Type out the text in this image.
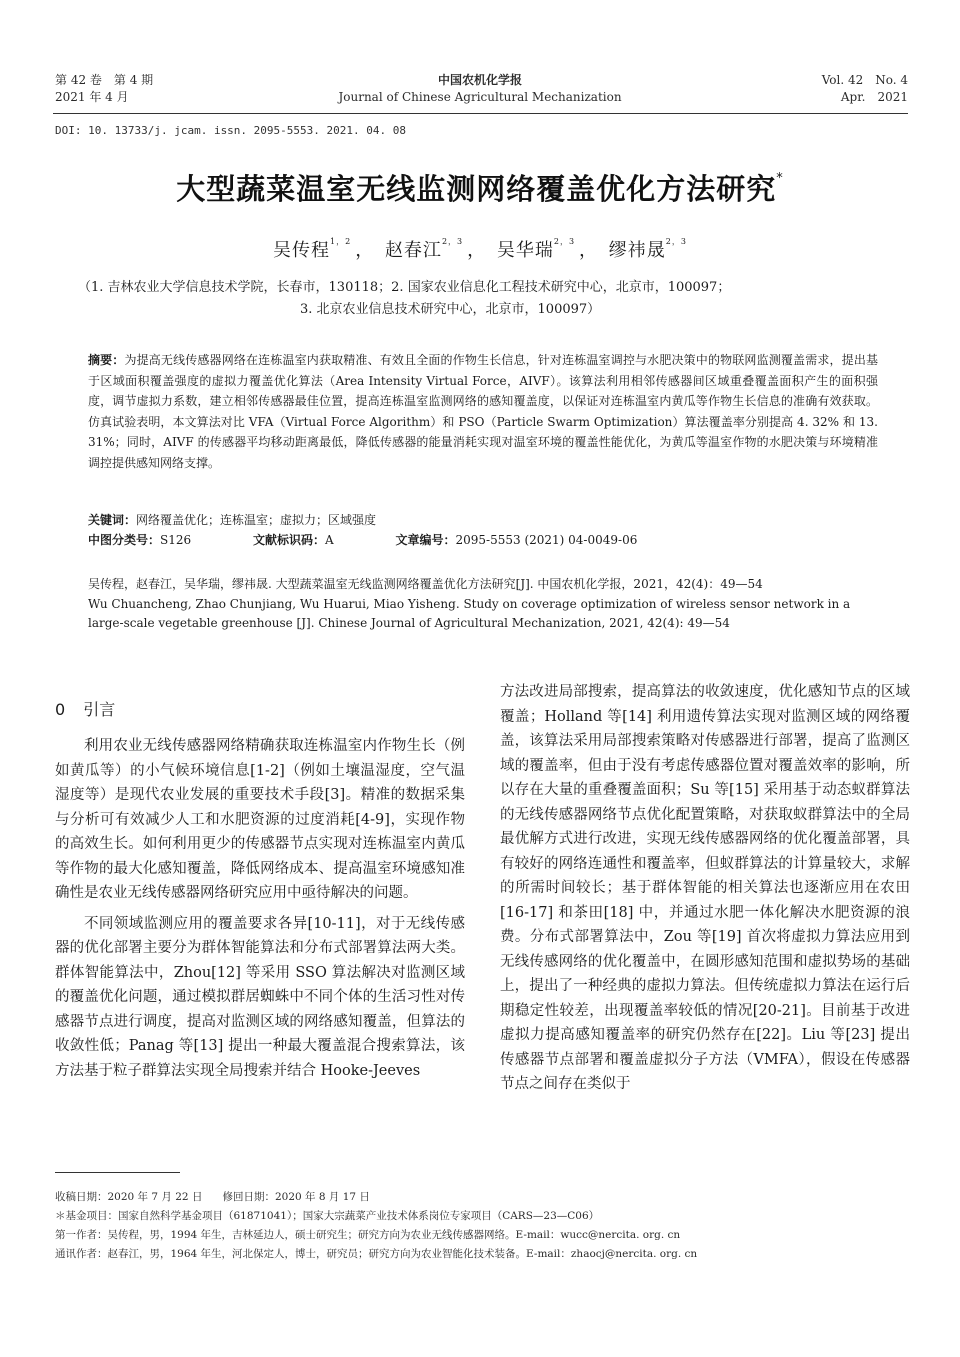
第 42 卷　第 4 期
2021 年 4 月
中国农机化学报
Journal of Chinese Agricultural Mechanization
Vol. 42 No. 4
Apr. 2021
DOI: 10. 13733/j. jcam. issn. 2095-5553. 2021. 04. 08
大型蔬菜温室无线监测网络覆盖优化方法研究*
吴传程$^{1,2}$ ， 赵春江$^{2,3}$ ， 吴华瑞$^{2,3}$ ， 缪祎晟$^{2,3}$
（1. 吉林农业大学信息技术学院，长春市，130118；2. 国家农业信息化工程技术研究中心，北京市，100097；
3. 北京农业信息技术研究中心，北京市，100097）
摘要：为提高无线传感器网络在连栋温室内获取精准、有效且全面的作物生长信息，针对连栋温室调控与水肥决策中的物联网监测覆盖需求，提出基于区域面积覆盖强度的虚拟力覆盖优化算法（Area Intensity Virtual Force，AIVF）。该算法利用相邻传感器间区域重叠覆盖面积产生的面积强度，调节虚拟力系数，建立相邻传感器最佳位置，提高连栋温室监测网络的感知覆盖度，以保证对连栋温室内黄瓜等作物生长信息的准确有效获取。仿真试验表明，本文算法对比 VFA（Virtual Force Algorithm）和 PSO（Particle Swarm Optimization）算法覆盖率分别提高 4. 32% 和 13. 31%；同时，AIVF 的传感器平均移动距离最低，降低传感器的能量消耗实现对温室环境的覆盖性能优化，为黄瓜等温室作物的水肥决策与环境精准调控提供感知网络支撑。
关键词：网络覆盖优化；连栋温室；虚拟力；区域强度
中图分类号：S126	文献标识码：A	文章编号：2095-5553 (2021) 04-0049-06
吴传程，赵春江，吴华瑞，缪祎晟. 大型蔬菜温室无线监测网络覆盖优化方法研究[J]. 中国农机化学报，2021，42(4)：49—54
Wu Chuancheng, Zhao Chunjiang, Wu Huarui, Miao Yisheng. Study on coverage optimization of wireless sensor network in a large-scale vegetable greenhouse [J]. Chinese Journal of Agricultural Mechanization, 2021, 42(4): 49—54
0 引言

利用农业无线传感器网络精确获取连栋温室内作物生长（例如黄瓜等）的小气候环境信息[1-2]（例如土壤温湿度，空气温湿度等）是现代农业发展的重要技术手段[3]。精准的数据采集与分析可有效减少人工和水肥资源的过度消耗[4-9]，实现作物的高效生长。如何利用更少的传感器节点实现对连栋温室内黄瓜等作物的最大化感知覆盖，降低网络成本、提高温室环境感知准确性是农业无线传感器网络研究应用中亟待解决的问题。

不同领域监测应用的覆盖要求各异[10-11]，对于无线传感器的优化部署主要分为群体智能算法和分布式部署算法两大类。群体智能算法中，Zhou[12] 等采用 SSO 算法解决对监测区域的覆盖优化问题，通过模拟群居蜘蛛中不同个体的生活习性对传感器节点进行调度，提高对监测区域的网络感知覆盖，但算法的收敛性低；Panag 等[13] 提出一种最大覆盖混合搜索算法，该方法基于粒子群算法实现全局搜索并结合 Hooke-Jeeves

方法改进局部搜索，提高算法的收敛速度，优化感知节点的区域覆盖；Holland 等[14] 利用遗传算法实现对监测区域的网络覆盖，该算法采用局部搜索策略对传感器进行部署，提高了监测区域的覆盖率，但由于没有考虑传感器位置对覆盖效率的影响，所以存在大量的重叠覆盖面积；Su 等[15] 采用基于动态蚁群算法的无线传感器网络节点优化配置策略，对获取蚁群算法中的全局最优解方式进行改进，实现无线传感器网络的优化覆盖部署，具有较好的网络连通性和覆盖率，但蚁群算法的计算量较大，求解的所需时间较长；基于群体智能的相关算法也逐渐应用在农田[16-17] 和茶田[18] 中，并通过水肥一体化解决水肥资源的浪费。分布式部署算法中，Zou 等[19] 首次将虚拟力算法应用到无线传感网络的优化覆盖中，在圆形感知范围和虚拟势场的基础上，提出了一种经典的虚拟力算法。但传统虚拟力算法在运行后期稳定性较差，出现覆盖率较低的情况[20-21]。目前基于改进虚拟力提高感知覆盖率的研究仍然存在[22]。Liu 等[23] 提出传感器节点部署和覆盖虚拟分子方法（VMFA），假设在传感器节点之间存在类似于

收稿日期：2020 年 7 月 22 日 修回日期：2020 年 8 月 17 日
＊基金项目：国家自然科学基金项目（61871041）；国家大宗蔬菜产业技术体系岗位专家项目（CARS—23—C06）
第一作者：吴传程，男，1994 年生，吉林延边人，硕士研究生；研究方向为农业无线传感器网络。E-mail：wucc@nercita. org. cn
通讯作者：赵春江，男，1964 年生，河北保定人，博士，研究员；研究方向为农业智能化技术装备。E-mail：zhaocj@nercita. org. cn
